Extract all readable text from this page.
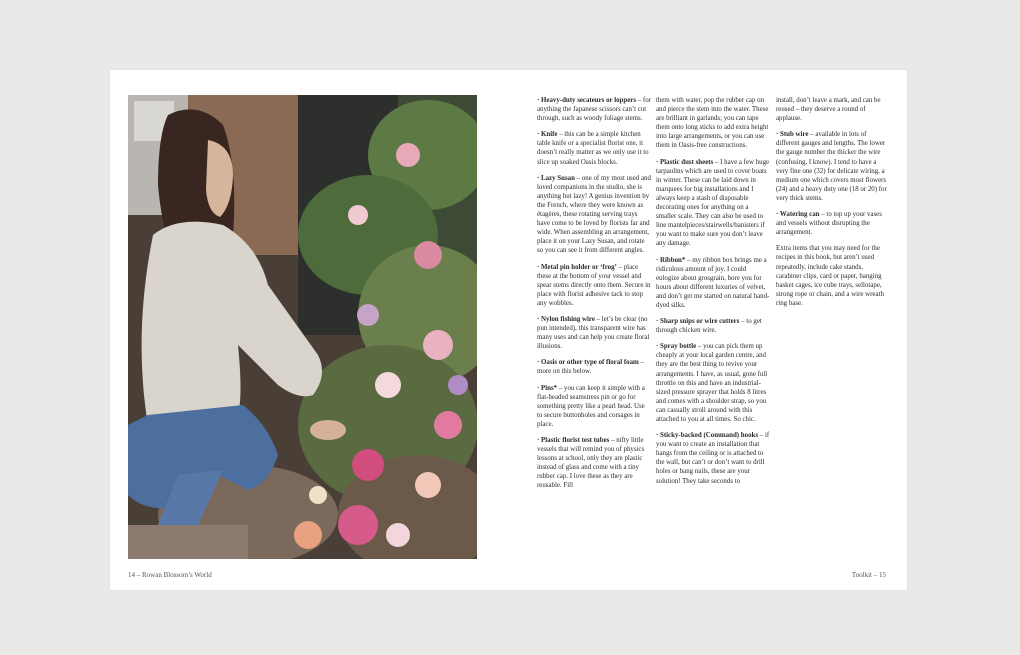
· Heavy-duty secateurs or loppers – for anything the Japanese scissors can’t cut through, such as woody foliage stems.

· Knife – this can be a simple kitchen table knife or a specialist florist one, it doesn’t really matter as we only use it to slice up soaked Oasis blocks.

· Lazy Susan – one of my most used and loved companions in the studio, she is anything but lazy! A genius invention by the French, where they were known as étagères, these rotating serving trays have come to be loved by florists far and wide. When assembling an arrangement, place it on your Lazy Susan, and rotate so you can see it from different angles.

· Metal pin holder or ‘frog’ – place these at the bottom of your vessel and spear stems directly onto them. Secure in place with florist adhesive tack to stop any wobbles.

· Nylon fishing wire – let’s be clear (no pun intended), this transparent wire has many uses and can help you create floral illusions.

· Oasis or other type of floral foam – more on this below.

· Pins* – you can keep it simple with a flat-headed seamstress pin or go for something pretty like a pearl head. Use to secure buttonholes and corsages in place.

· Plastic florist test tubes – nifty little vessels that will remind you of physics lessons at school, only they are plastic instead of glass and come with a tiny rubber cap. I love these as they are reusable. Fill

them with water, pop the rubber cap on and pierce the stem into the water. These are brilliant in garlands; you can tape them onto long sticks to add extra height into large arrangements, or you can use them in Oasis-free constructions.

· Plastic dust sheets – I have a few huge tarpaulins which are used to cover boats in winter. These can be laid down in marquees for big installations and I always keep a stash of disposable decorating ones for anything on a smaller scale. They can also be used to line mantelpieces/stairwells/banisters if you want to make sure you don’t leave any damage.

· Ribbon* – my ribbon box brings me a ridiculous amount of joy. I could eulogize about grosgrain, bore you for hours about different luxuries of velvet, and don’t get me started on natural hand-dyed silks.

· Sharp snips or wire cutters – to get through chicken wire.

· Spray bottle – you can pick them up cheaply at your local garden centre, and they are the best thing to revive your arrangements. I have, as usual, gone full throttle on this and have an industrial-sized pressure sprayer that holds 8 litres and comes with a shoulder strap, so you can casually stroll around with this attached to you at all times. So chic.

· Sticky-backed (Command) hooks – if you want to create an installation that hangs from the ceiling or is attached to the wall, but can’t or don’t want to drill holes or bang nails, these are your solution! They take seconds to

install, don’t leave a mark, and can be reused – they deserve a round of applause.

· Stub wire – available in lots of different gauges and lengths. The lower the gauge number the thicker the wire (confusing, I know). I tend to have a very fine one (32) for delicate wiring, a medium one which covers most flowers (24) and a heavy duty one (18 or 20) for very thick stems.

· Watering can – to top up your vases and vessels without disrupting the arrangement.

Extra items that you may need for the recipes in this book, but aren’t used repeatedly, include cake stands, carabiner clips, card or paper, banging basket cages, ice cube trays, sellotape, strong rope or chain, and a wire wreath ring base.

14 – Rowan Blossom’s World	Toolkit – 15
